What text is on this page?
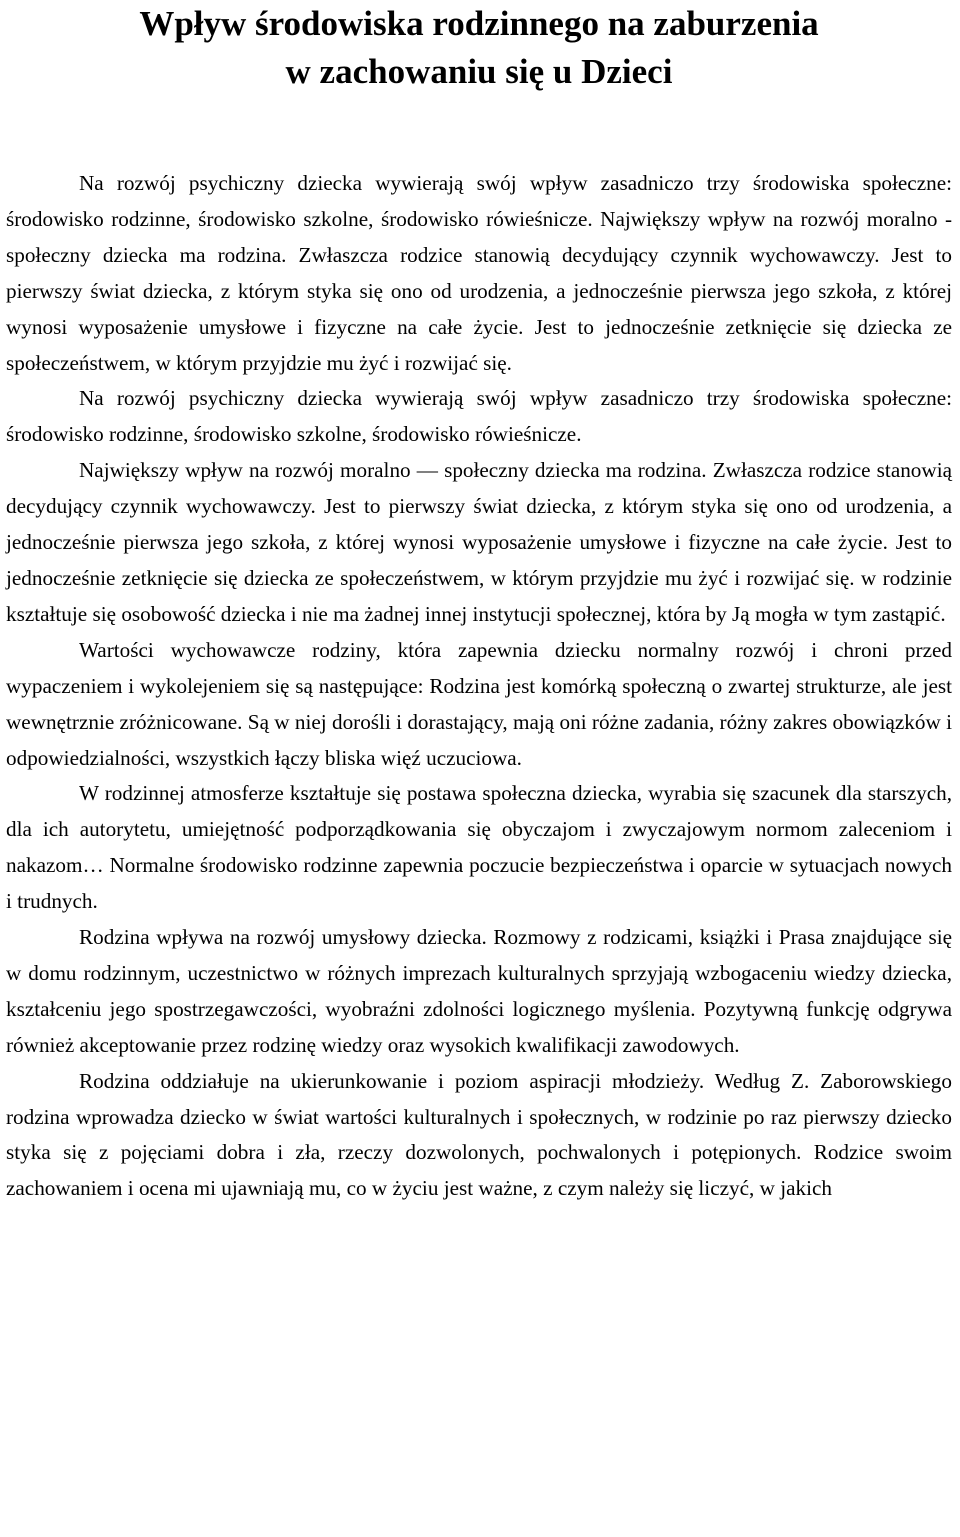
Wpływ środowiska rodzinnego na zaburzenia
w zachowaniu się u Dzieci

Na rozwój psychiczny dziecka wywierają swój wpływ zasadniczo trzy środowiska społeczne: środowisko rodzinne, środowisko szkolne, środowisko rówieśnicze. Największy wpływ na rozwój moralno - społeczny dziecka ma rodzina. Zwłaszcza rodzice stanowią decydujący czynnik wychowawczy. Jest to pierwszy świat dziecka, z którym styka się ono od urodzenia, a jednocześnie pierwsza jego szkoła, z której wynosi wyposażenie umysłowe i fizyczne na całe życie. Jest to jednocześnie zetknięcie się dziecka ze społeczeństwem, w którym przyjdzie mu żyć i rozwijać się.

Na rozwój psychiczny dziecka wywierają swój wpływ zasadniczo trzy środowiska społeczne: środowisko rodzinne, środowisko szkolne, środowisko rówieśnicze.

Największy wpływ na rozwój moralno — społeczny dziecka ma rodzina. Zwłaszcza rodzice stanowią decydujący czynnik wychowawczy. Jest to pierwszy świat dziecka, z którym styka się ono od urodzenia, a jednocześnie pierwsza jego szkoła, z której wynosi wyposażenie umysłowe i fizyczne na całe życie. Jest to jednocześnie zetknięcie się dziecka ze społeczeństwem, w którym przyjdzie mu żyć i rozwijać się. w rodzinie kształtuje się osobowość dziecka i nie ma żadnej innej instytucji społecznej, która by Ją mogła w tym zastąpić.

Wartości wychowawcze rodziny, która zapewnia dziecku normalny rozwój i chroni przed wypaczeniem i wykolejeniem się są następujące: Rodzina jest komórką społeczną o zwartej strukturze, ale jest wewnętrznie zróżnicowane. Są w niej dorośli i dorastający, mają oni różne zadania, różny zakres obowiązków i odpowiedzialności, wszystkich łączy bliska więź uczuciowa.

W rodzinnej atmosferze kształtuje się postawa społeczna dziecka, wyrabia się szacunek dla starszych, dla ich autorytetu, umiejętność podporządkowania się obyczajom i zwyczajowym normom zaleceniom i nakazom… Normalne środowisko rodzinne zapewnia poczucie bezpieczeństwa i oparcie w sytuacjach nowych i trudnych.

Rodzina wpływa na rozwój umysłowy dziecka. Rozmowy z rodzicami, książki i Prasa znajdujące się w domu rodzinnym, uczestnictwo w różnych imprezach kulturalnych sprzyjają wzbogaceniu wiedzy dziecka, kształceniu jego spostrzegawczości, wyobraźni zdolności logicznego myślenia. Pozytywną funkcję odgrywa również akceptowanie przez rodzinę wiedzy oraz wysokich kwalifikacji zawodowych.

Rodzina oddziałuje na ukierunkowanie i poziom aspiracji młodzieży. Według Z. Zaborowskiego rodzina wprowadza dziecko w świat wartości kulturalnych i społecznych, w rodzinie po raz pierwszy dziecko styka się z pojęciami dobra i zła, rzeczy dozwolonych, pochwalonych i potępionych. Rodzice swoim zachowaniem i ocena mi ujawniają mu, co w życiu jest ważne, z czym należy się liczyć, w jakich
